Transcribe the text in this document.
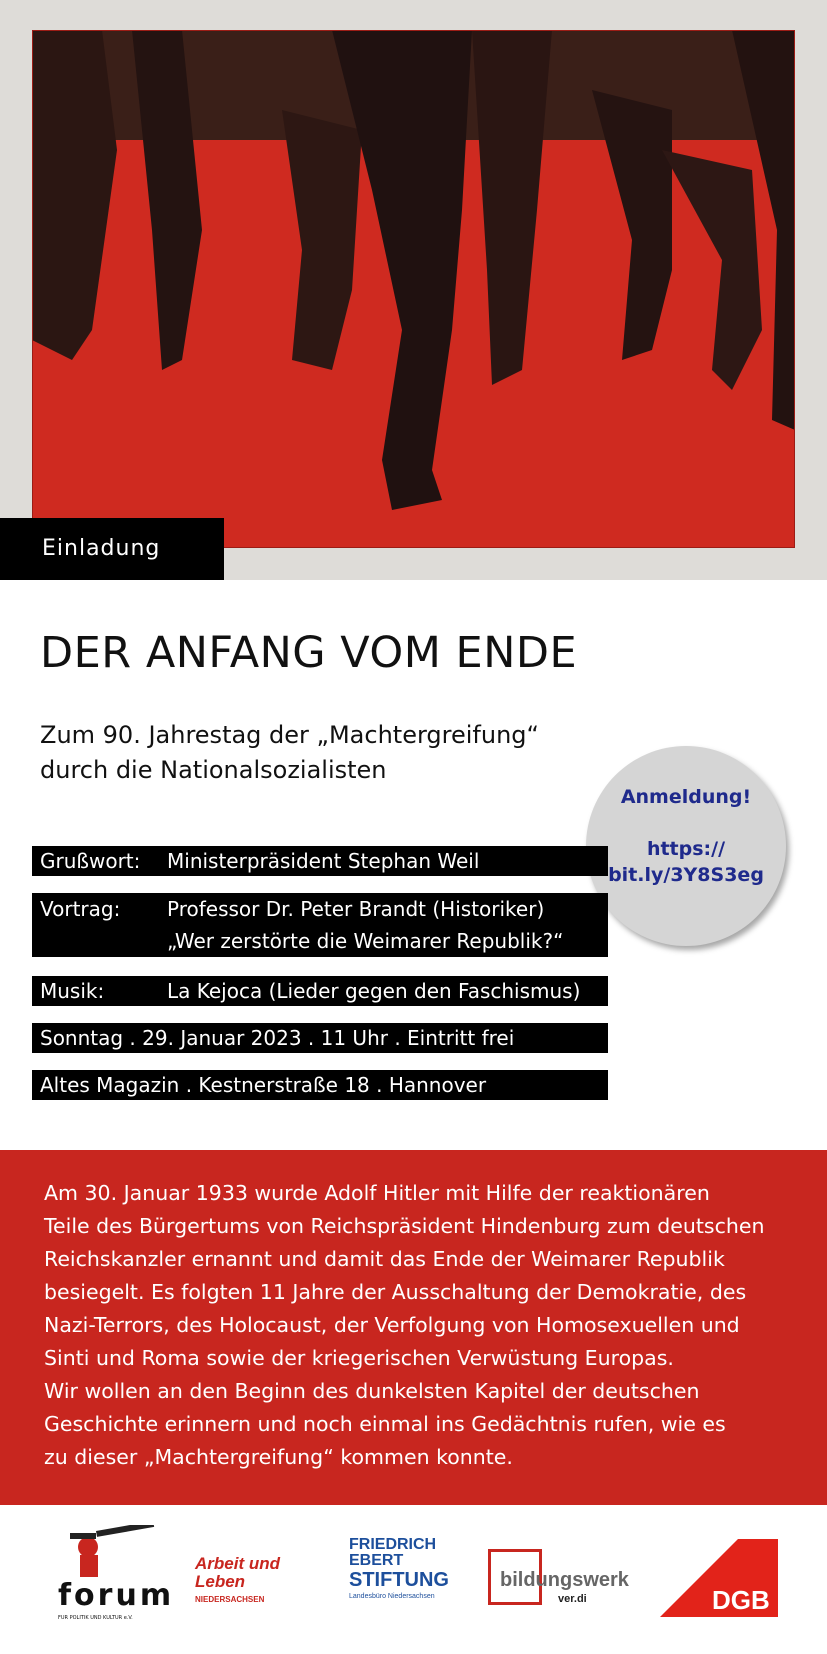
Einladung
DER ANFANG VOM ENDE
Zum 90. Jahrestag der „Machtergreifung“
durch die Nationalsozialisten
Anmeldung!
https://
bit.ly/3Y8S3eg
Grußwort: Ministerpräsident Stephan Weil
Vortrag: Professor Dr. Peter Brandt (Historiker)
„Wer zerstörte die Weimarer Republik?“
Musik:	La Kejoca (Lieder gegen den Faschismus)
Sonntag . 29. Januar 2023 . 11 Uhr . Eintritt frei
Altes Magazin . Kestnerstraße 18 . Hannover
Am 30. Januar 1933 wurde Adolf Hitler mit Hilfe der reaktionären
Teile des Bürgertums von Reichspräsident Hindenburg zum deutschen
Reichskanzler ernannt und damit das Ende der Weimarer Republik
besiegelt. Es folgten 11 Jahre der Ausschaltung der Demokratie, des
Nazi-Terrors, des Holocaust, der Verfolgung von Homosexuellen und
Sinti und Roma sowie der kriegerischen Verwüstung Europas.
Wir wollen an den Beginn des dunkelsten Kapitel der deutschen
Geschichte erinnern und noch einmal ins Gedächtnis rufen, wie es
zu dieser „Machtergreifung“ kommen konnte.
forum
FÜR POLITIK UND KULTUR e.V.
Arbeit und
Leben
NIEDERSACHSEN
FRIEDRICH
EBERT
STIFTUNG
Landesbüro Niedersachsen
bildungswerk
ver.di	DGB
